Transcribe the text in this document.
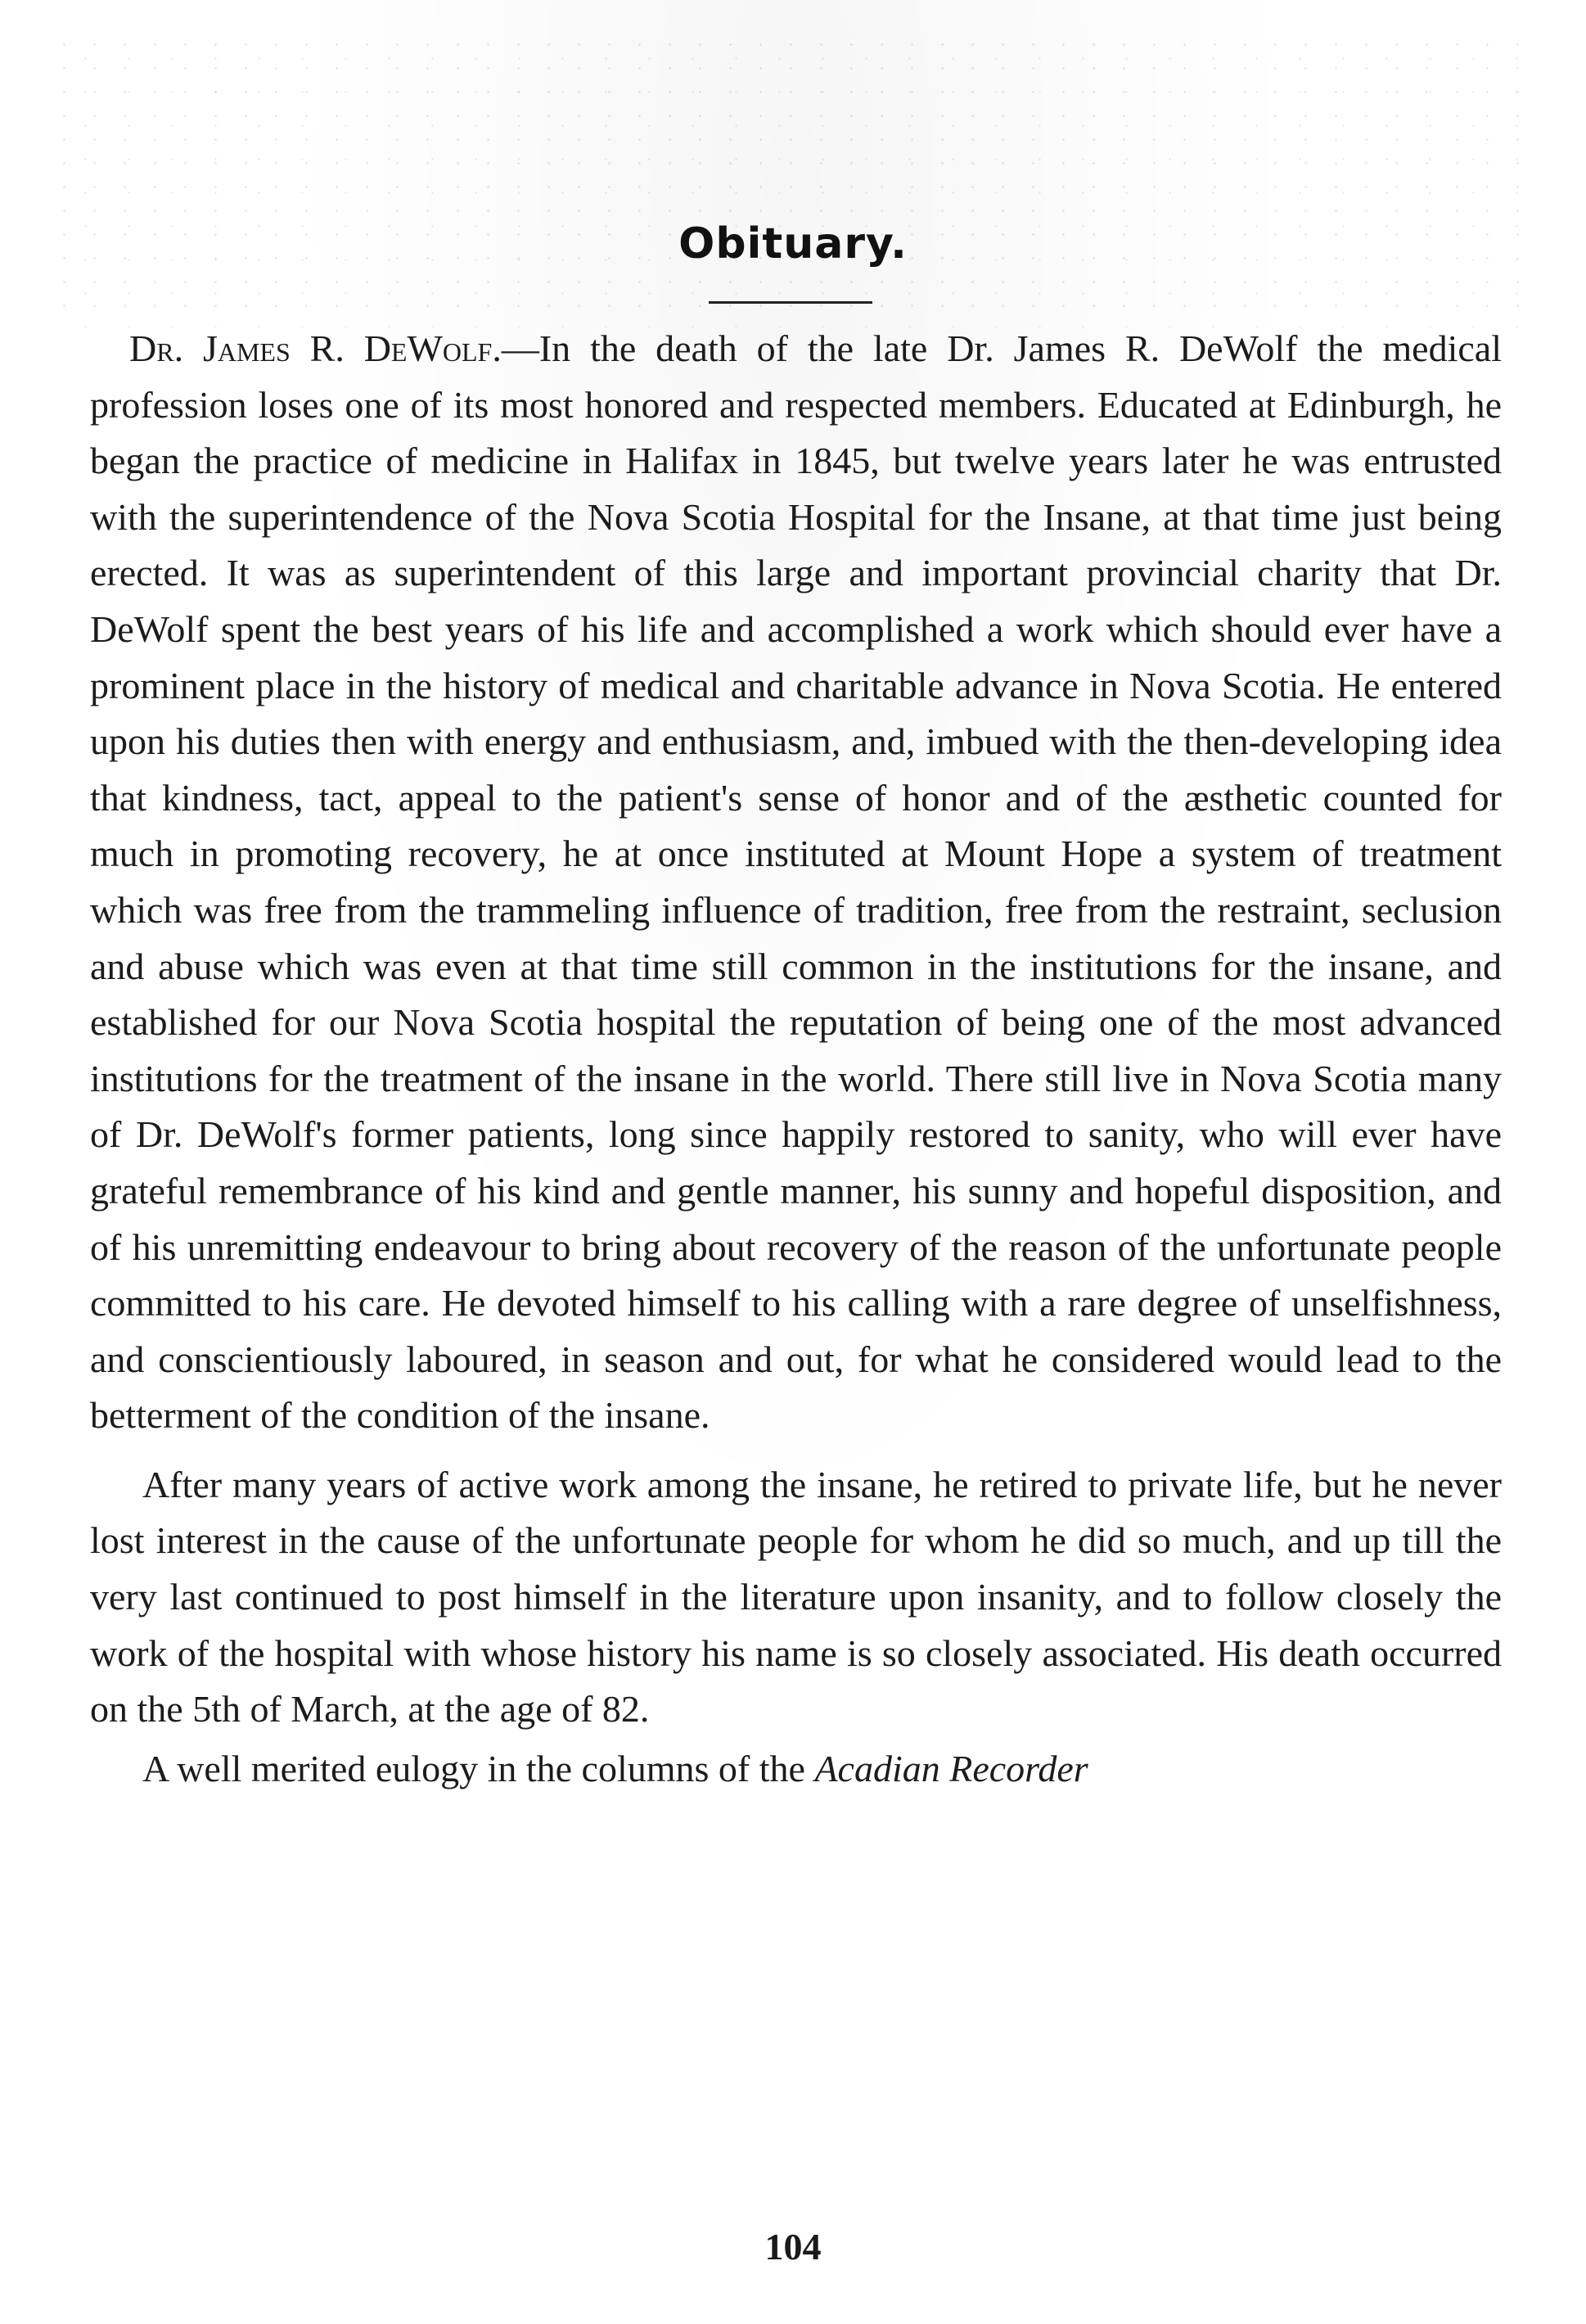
Obituary.

Dr. James R. DeWolf.—In the death of the late Dr. James R. DeWolf the medical profession loses one of its most honored and respected members. Educated at Edinburgh, he began the practice of medicine in Halifax in 1845, but twelve years later he was entrusted with the superintendence of the Nova Scotia Hospital for the Insane, at that time just being erected. It was as superintendent of this large and important provincial charity that Dr. DeWolf spent the best years of his life and accomplished a work which should ever have a prominent place in the history of medical and charitable advance in Nova Scotia. He entered upon his duties then with energy and enthusiasm, and, imbued with the then-developing idea that kindness, tact, appeal to the patient's sense of honor and of the æsthetic counted for much in promoting recovery, he at once instituted at Mount Hope a system of treatment which was free from the trammeling influence of tradition, free from the restraint, seclusion and abuse which was even at that time still common in the institutions for the insane, and established for our Nova Scotia hospital the reputation of being one of the most advanced institutions for the treatment of the insane in the world. There still live in Nova Scotia many of Dr. DeWolf's former patients, long since happily restored to sanity, who will ever have grateful remembrance of his kind and gentle manner, his sunny and hopeful disposition, and of his unremitting endeavour to bring about recovery of the reason of the unfortunate people committed to his care. He devoted himself to his calling with a rare degree of unselfishness, and conscientiously laboured, in season and out, for what he considered would lead to the betterment of the condition of the insane.

After many years of active work among the insane, he retired to private life, but he never lost interest in the cause of the unfortunate people for whom he did so much, and up till the very last continued to post himself in the literature upon insanity, and to follow closely the work of the hospital with whose history his name is so closely associated. His death occurred on the 5th of March, at the age of 82.

A well merited eulogy in the columns of the Acadian Recorder

104
